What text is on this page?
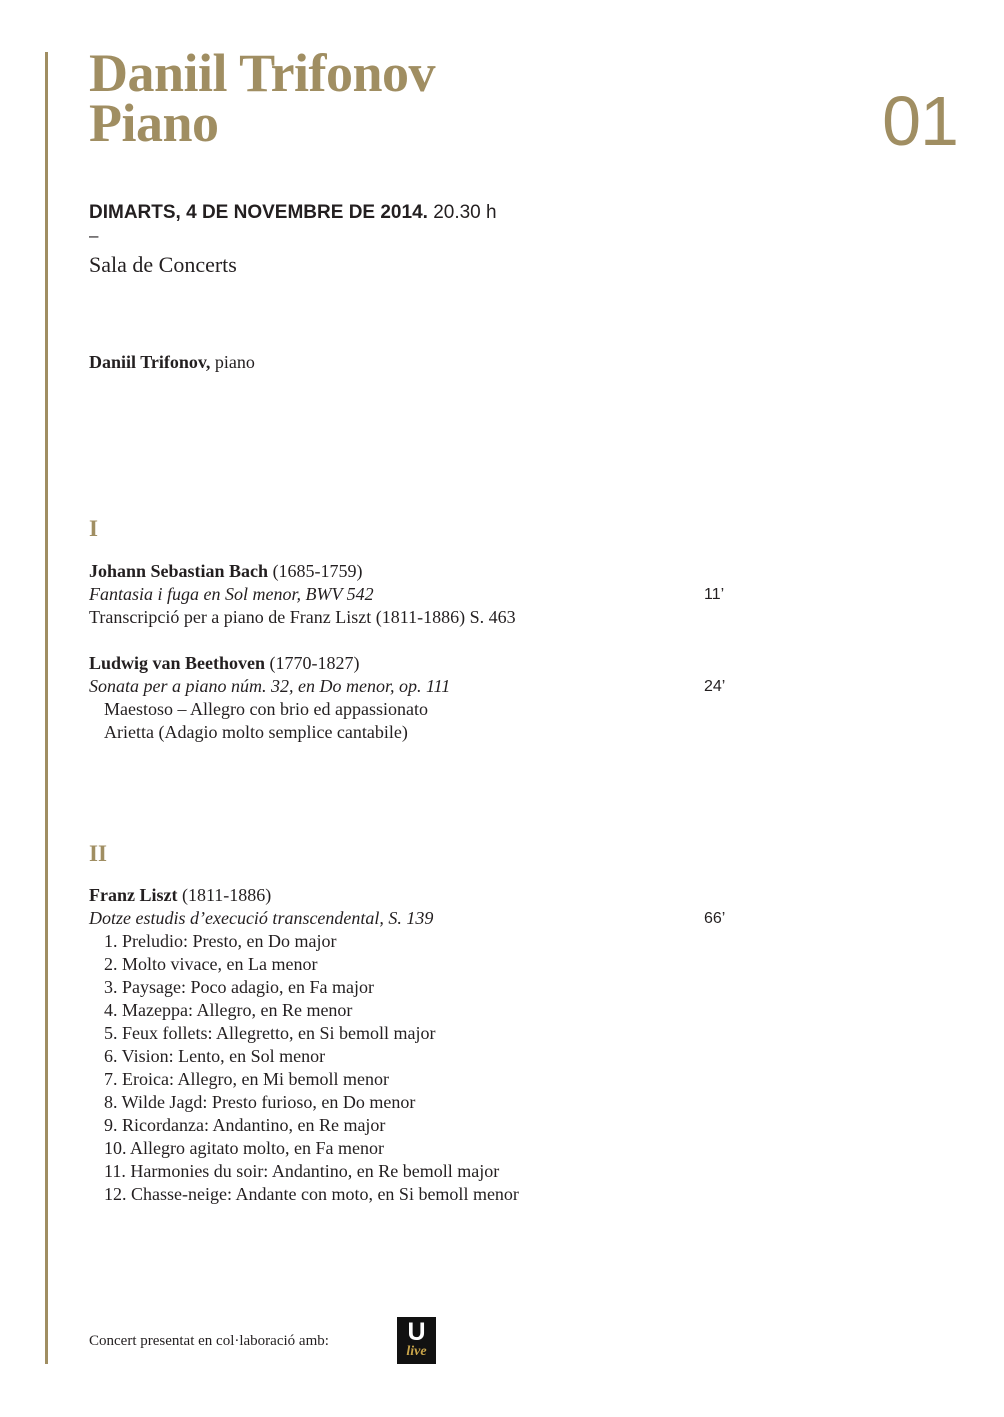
Daniil Trifonov
Piano	01
DIMARTS, 4 DE NOVEMBRE DE 2014. 20.30 h
–
Sala de Concerts
Daniil Trifonov, piano
I
Johann Sebastian Bach (1685-1759)
Fantasia i fuga en Sol menor, BWV 542	11’
Transcripció per a piano de Franz Liszt (1811-1886) S. 463
Ludwig van Beethoven (1770-1827)
Sonata per a piano núm. 32, en Do menor, op. 111	24’
Maestoso – Allegro con brio ed appassionato
Arietta (Adagio molto semplice cantabile)
II
Franz Liszt (1811-1886)
Dotze estudis d’execució transcendental, S. 139	66’
1. Preludio: Presto, en Do major
2. Molto vivace, en La menor
3. Paysage: Poco adagio, en Fa major
4. Mazeppa: Allegro, en Re menor
5. Feux follets: Allegretto, en Si bemoll major
6. Vision: Lento, en Sol menor
7. Eroica: Allegro, en Mi bemoll menor
8. Wilde Jagd: Presto furioso, en Do menor
9. Ricordanza: Andantino, en Re major
10. Allegro agitato molto, en Fa menor
11. Harmonies du soir: Andantino, en Re bemoll major
12. Chasse-neige: Andante con moto, en Si bemoll menor
Concert presentat en col·laboració amb:	U
live
